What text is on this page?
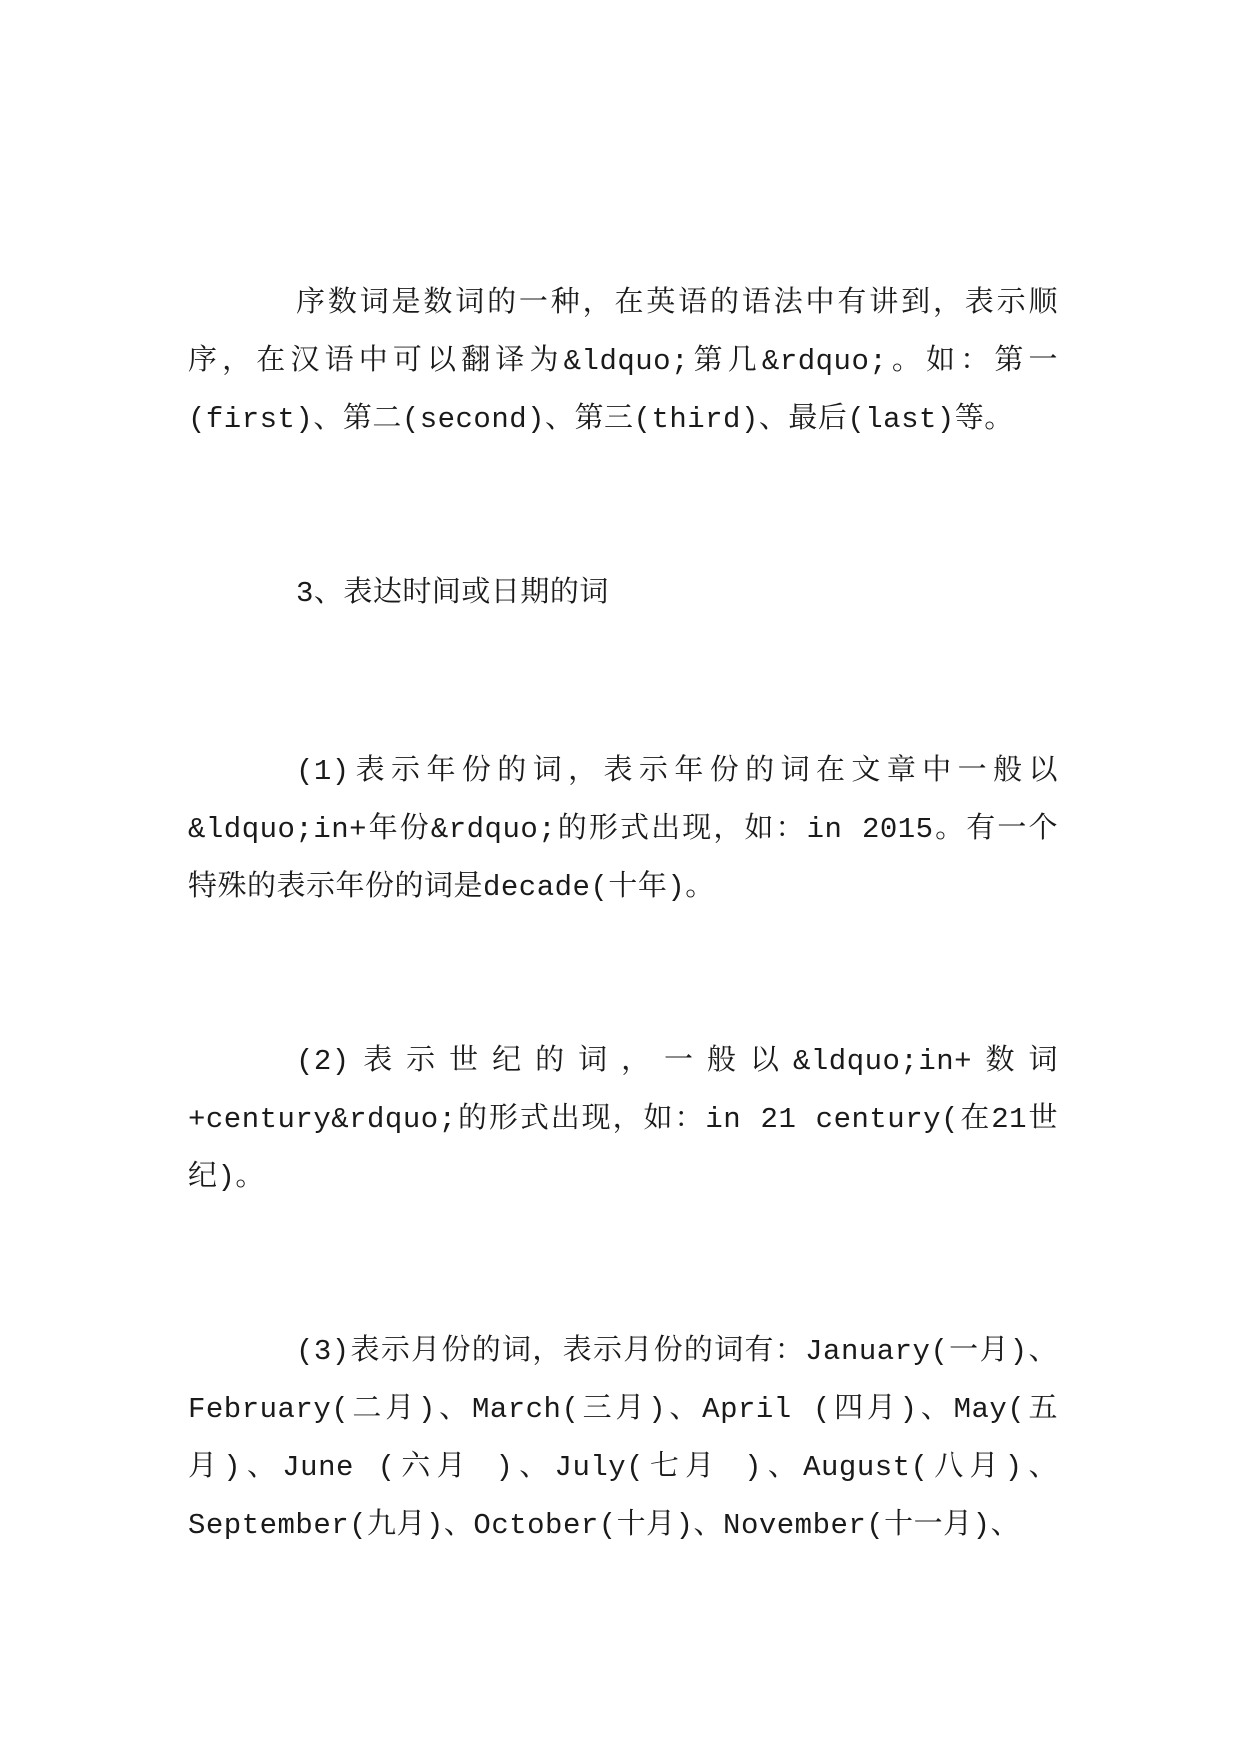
序数词是数词的一种，在英语的语法中有讲到，表示顺序，在汉语中可以翻译为&ldquo;第几&rdquo;。如：第一(first)、第二(second)、第三(third)、最后(last)等。

3、表达时间或日期的词

(1)表示年份的词，表示年份的词在文章中一般以&ldquo;in+年份&rdquo;的形式出现，如：in 2015。有一个特殊的表示年份的词是decade(十年)。

(2)表示世纪的词，一般以&ldquo;in+数词+century&rdquo;的形式出现，如：in 21 century(在21世纪)。

(3)表示月份的词，表示月份的词有：January(一月)、February(二月)、March(三月)、April (四月)、May(五月)、June (六月 )、July(七月 )、August(八月)、September(九月)、October(十月)、November(十一月)、
